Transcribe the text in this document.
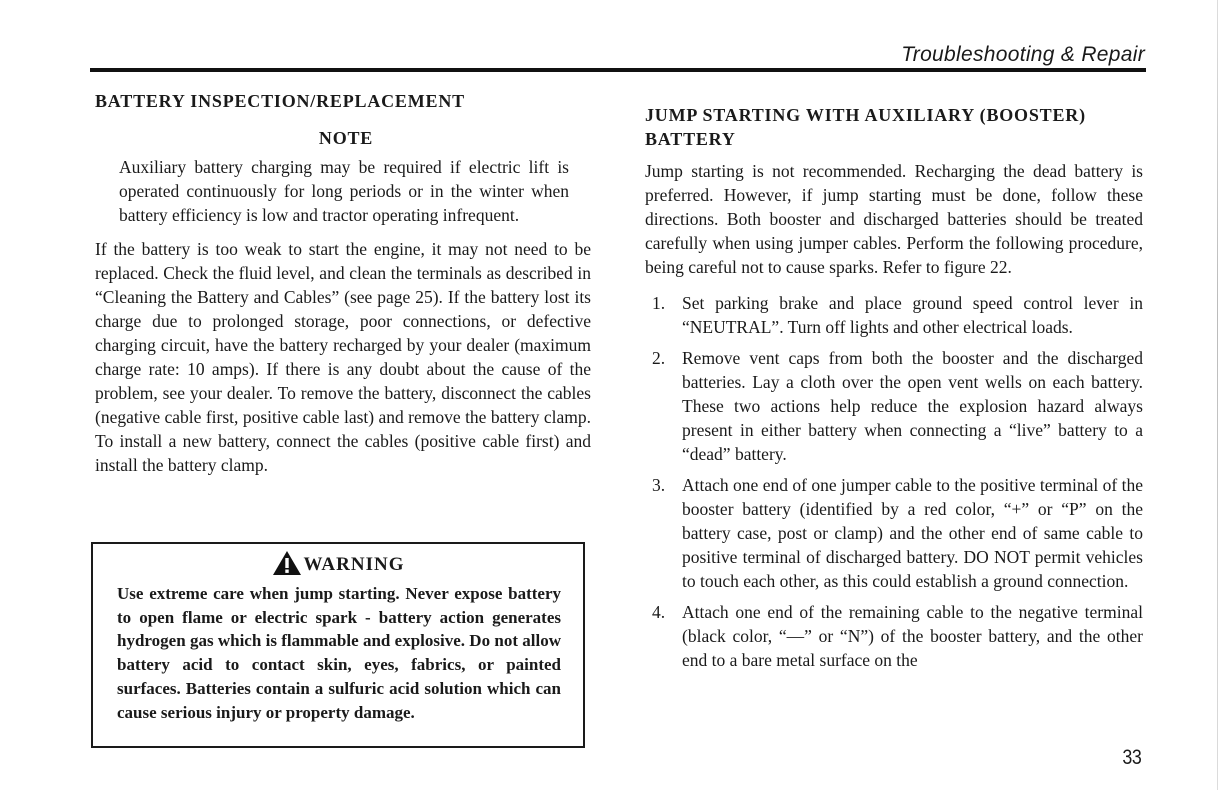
Troubleshooting & Repair
BATTERY INSPECTION/REPLACEMENT
NOTE

Auxiliary battery charging may be required if electric lift is operated continuously for long periods or in the winter when battery efficiency is low and tractor operating infrequent.

If the battery is too weak to start the engine, it may not need to be replaced. Check the fluid level, and clean the terminals as described in “Cleaning the Battery and Cables” (see page 25). If the battery lost its charge due to prolonged storage, poor connections, or defective charging circuit, have the battery recharged by your dealer (maximum charge rate: 10 amps). If there is any doubt about the cause of the problem, see your dealer. To remove the battery, disconnect the cables (negative cable first, positive cable last) and remove the battery clamp. To install a new battery, connect the cables (positive cable first) and install the battery clamp.

WARNING
Use extreme care when jump starting. Never expose battery to open flame or electric spark - battery action generates hydrogen gas which is flammable and explosive. Do not allow battery acid to contact skin, eyes, fabrics, or painted surfaces. Batteries contain a sulfuric acid solution which can cause serious injury or property damage.
JUMP STARTING WITH AUXILIARY (BOOSTER) BATTERY

Jump starting is not recommended. Recharging the dead battery is preferred. However, if jump starting must be done, follow these directions. Both booster and discharged batteries should be treated carefully when using jumper cables. Perform the following procedure, being careful not to cause sparks. Refer to figure 22.

1. Set parking brake and place ground speed control lever in “NEUTRAL”. Turn off lights and other electrical loads.
2. Remove vent caps from both the booster and the discharged batteries. Lay a cloth over the open vent wells on each battery. These two actions help reduce the explosion hazard always present in either battery when connecting a “live” battery to a “dead” battery.
3. Attach one end of one jumper cable to the positive terminal of the booster battery (identified by a red color, “+” or “P” on the battery case, post or clamp) and the other end of same cable to positive terminal of discharged battery. DO NOT permit vehicles to touch each other, as this could establish a ground connection.
4. Attach one end of the remaining cable to the negative terminal (black color, “—” or “N”) of the booster battery, and the other end to a bare metal surface on the
33
